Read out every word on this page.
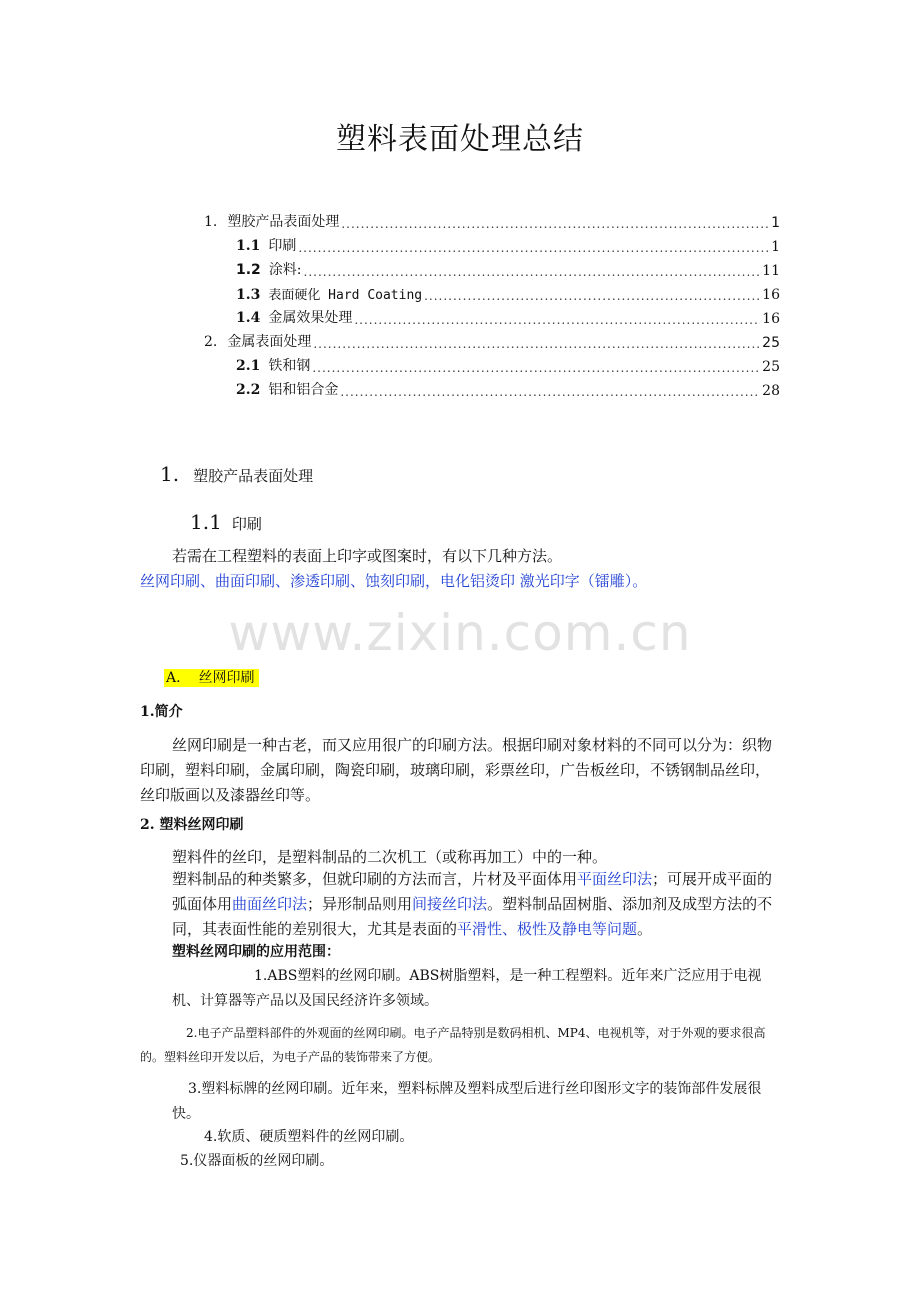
塑料表面处理总结
1. 塑胶产品表面处理 .....	1
1.1 印刷 .....	1
1.2 涂料: .....	11
1.3 表面硬化 Hard Coating .....	16
1.4 金属效果处理 .....	16
2. 金属表面处理 .....	25
2.1 铁和钢 .....	25
2.2 铝和铝合金 .....	28
1. 塑胶产品表面处理
1.1 印刷
若需在工程塑料的表面上印字或图案时，有以下几种方法。
丝网印刷、曲面印刷、渗透印刷、蚀刻印刷，电化铝烫印 激光印字（镭雕）。
www.zixin.com.cn
A. 丝网印刷
1.简介
丝网印刷是一种古老，而又应用很广的印刷方法。根据印刷对象材料的不同可以分为：织物印刷，塑料印刷，金属印刷，陶瓷印刷，玻璃印刷，彩票丝印，广告板丝印，不锈钢制品丝印，丝印版画以及漆器丝印等。
2. 塑料丝网印刷
塑料件的丝印，是塑料制品的二次机工（或称再加工）中的一种。
塑料制品的种类繁多，但就印刷的方法而言，片材及平面体用平面丝印法；可展开成平面的弧面体用曲面丝印法；异形制品则用间接丝印法。塑料制品固树脂、添加剂及成型方法的不同，其表面性能的差别很大，尤其是表面的平滑性、极性及静电等问题。
塑料丝网印刷的应用范围：
1.ABS塑料的丝网印刷。ABS树脂塑料，是一种工程塑料。近年来广泛应用于电视机、计算器等产品以及国民经济许多领域。
2.电子产品塑料部件的外观面的丝网印刷。电子产品特别是数码相机、MP4、电视机等，对于外观的要求很高的。塑料丝印开发以后，为电子产品的装饰带来了方便。
3.塑料标牌的丝网印刷。近年来，塑料标牌及塑料成型后进行丝印图形文字的装饰部件发展很快。
4.软质、硬质塑料件的丝网印刷。
5.仪器面板的丝网印刷。
